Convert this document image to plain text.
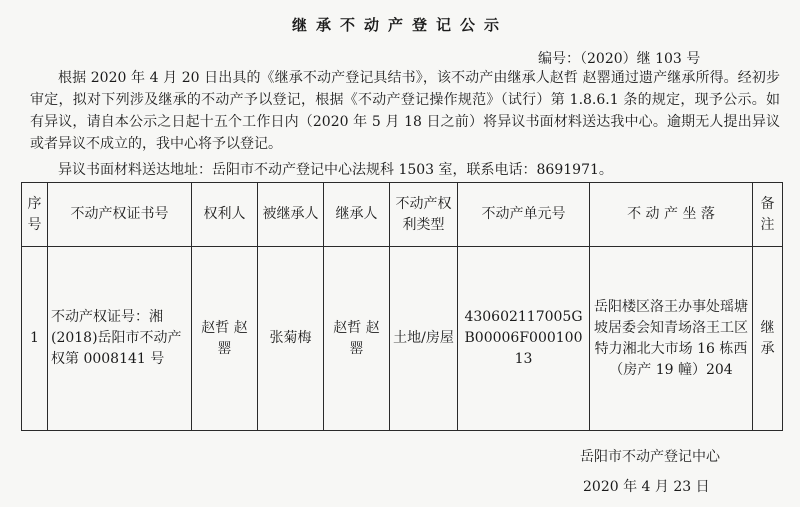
继承不动产登记公示
编号：（2020）继 103 号
根据 2020 年 4 月 20 日出具的《继承不动产登记具结书》，该不动产由继承人赵哲 赵罂通过遗产继承所得。经初步审定，拟对下列涉及继承的不动产予以登记，根据《不动产登记操作规范》（试行）第 1.8.6.1 条的规定，现予公示。如有异议，请自本公示之日起十五个工作日内（2020 年 5 月 18 日之前）将异议书面材料送达我中心。逾期无人提出异议或者异议不成立的，我中心将予以登记。
异议书面材料送达地址：岳阳市不动产登记中心法规科 1503 室，联系电话：8691971。
序号	不动产权证书号	权利人	被继承人	继承人	不动产权利类型	不动产单元号	不 动 产 坐 落	备注
1	不动产权证号：湘(2018)岳阳市不动产权第 0008141 号	赵哲 赵罂	张菊梅	赵哲 赵罂	土地/房屋	430602117005GB00006F00010013	岳阳楼区洛王办事处瑶塘坡居委会知青场洛王工区特力湘北大市场 16 栋西（房产 19 幢）204	继承
岳阳市不动产登记中心
2020 年 4 月 23 日
